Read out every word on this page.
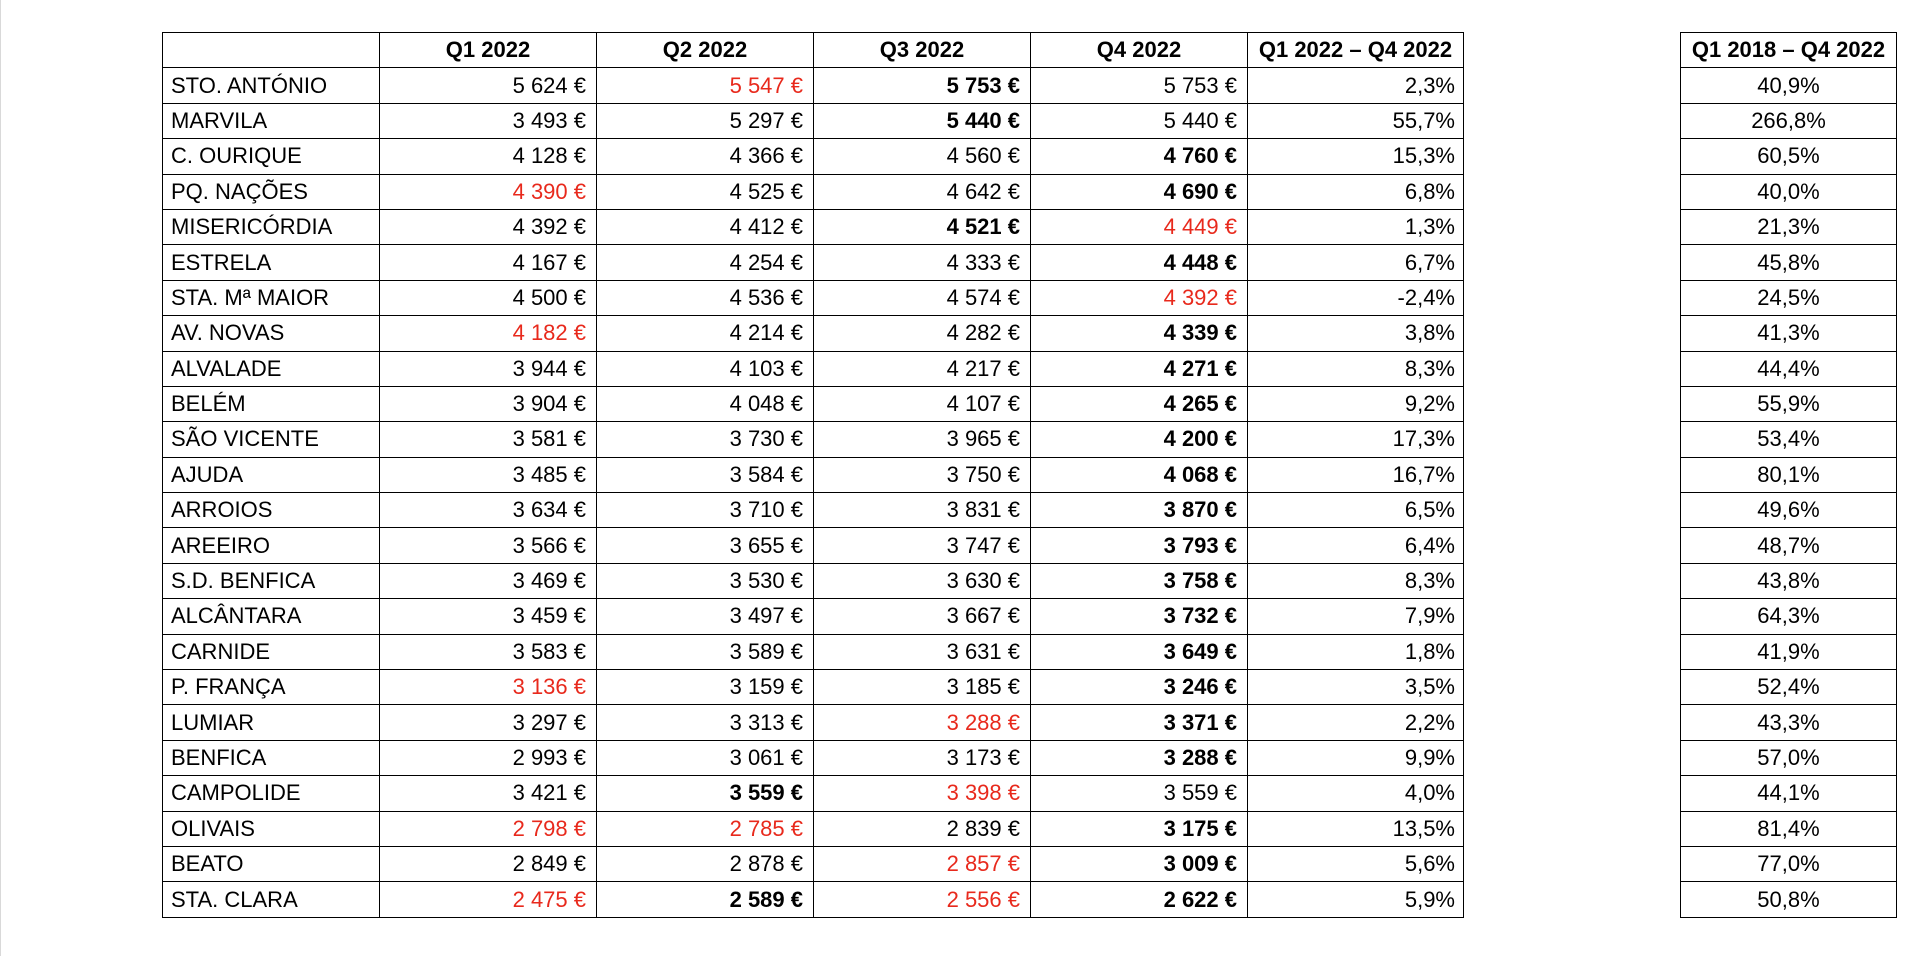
	Q1 2022	Q2 2022	Q3 2022	Q4 2022	Q1 2022 – Q4 2022
STO. ANTÓNIO	5 624 €	5 547 €	5 753 €	5 753 €	2,3%
MARVILA	3 493 €	5 297 €	5 440 €	5 440 €	55,7%
C. OURIQUE	4 128 €	4 366 €	4 560 €	4 760 €	15,3%
PQ. NAÇÕES	4 390 €	4 525 €	4 642 €	4 690 €	6,8%
MISERICÓRDIA	4 392 €	4 412 €	4 521 €	4 449 €	1,3%
ESTRELA	4 167 €	4 254 €	4 333 €	4 448 €	6,7%
STA. Mª MAIOR	4 500 €	4 536 €	4 574 €	4 392 €	-2,4%
AV. NOVAS	4 182 €	4 214 €	4 282 €	4 339 €	3,8%
ALVALADE	3 944 €	4 103 €	4 217 €	4 271 €	8,3%
BELÉM	3 904 €	4 048 €	4 107 €	4 265 €	9,2%
SÃO VICENTE	3 581 €	3 730 €	3 965 €	4 200 €	17,3%
AJUDA	3 485 €	3 584 €	3 750 €	4 068 €	16,7%
ARROIOS	3 634 €	3 710 €	3 831 €	3 870 €	6,5%
AREEIRO	3 566 €	3 655 €	3 747 €	3 793 €	6,4%
S.D. BENFICA	3 469 €	3 530 €	3 630 €	3 758 €	8,3%
ALCÂNTARA	3 459 €	3 497 €	3 667 €	3 732 €	7,9%
CARNIDE	3 583 €	3 589 €	3 631 €	3 649 €	1,8%
P. FRANÇA	3 136 €	3 159 €	3 185 €	3 246 €	3,5%
LUMIAR	3 297 €	3 313 €	3 288 €	3 371 €	2,2%
BENFICA	2 993 €	3 061 €	3 173 €	3 288 €	9,9%
CAMPOLIDE	3 421 €	3 559 €	3 398 €	3 559 €	4,0%
OLIVAIS	2 798 €	2 785 €	2 839 €	3 175 €	13,5%
BEATO	2 849 €	2 878 €	2 857 €	3 009 €	5,6%
STA. CLARA	2 475 €	2 589 €	2 556 €	2 622 €	5,9%
Q1 2018 – Q4 2022
40,9%
266,8%
60,5%
40,0%
21,3%
45,8%
24,5%
41,3%
44,4%
55,9%
53,4%
80,1%
49,6%
48,7%
43,8%
64,3%
41,9%
52,4%
43,3%
57,0%
44,1%
81,4%
77,0%
50,8%
